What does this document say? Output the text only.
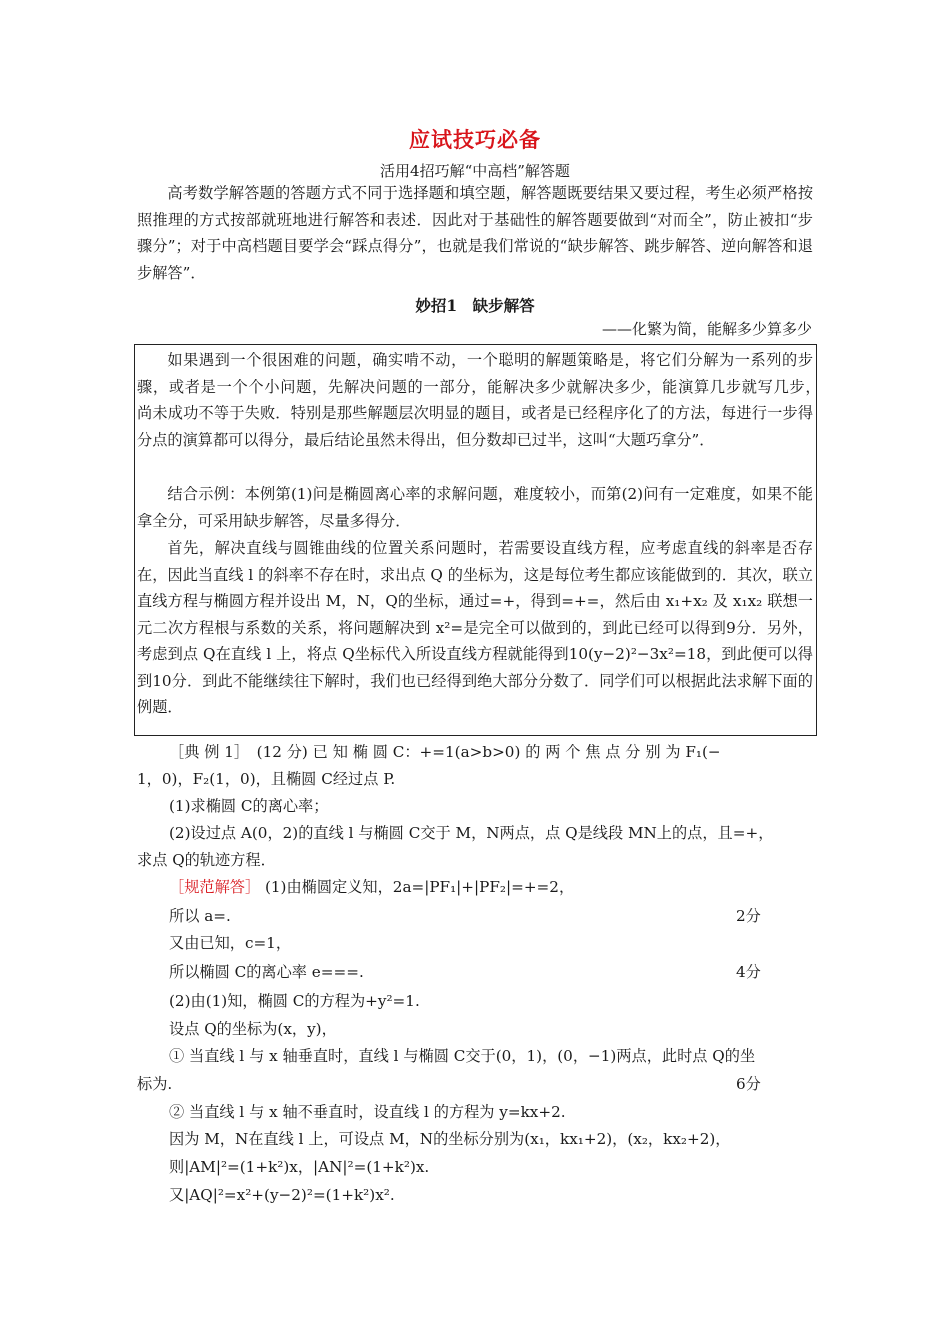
应试技巧必备
活用4招巧解“中高档”解答题

高考数学解答题的答题方式不同于选择题和填空题，解答题既要结果又要过程，考生必须严格按照推理的方式按部就班地进行解答和表述．因此对于基础性的解答题要做到“对而全”，防止被扣“步骤分”；对于中高档题目要学会“踩点得分”，也就是我们常说的“缺步解答、跳步解答、逆向解答和退步解答”．

妙招1　缺步解答
——化繁为简，能解多少算多少

如果遇到一个很困难的问题，确实啃不动，一个聪明的解题策略是，将它们分解为一系列的步骤，或者是一个个小问题，先解决问题的一部分，能解决多少就解决多少，能演算几步就写几步，　　尚未成功不等于失败．特别是那些解题层次明显的题目，或者是已经程序化了的方法，每进行一步得分点的演算都可以得分，最后结论虽然未得出，但分数却已过半，这叫“大题巧拿分”．

结合示例：本例第(1)问是椭圆离心率的求解问题，难度较小，而第(2)问有一定难度，如果不能拿全分，可采用缺步解答，尽量多得分．

首先，解决直线与圆锥曲线的位置关系问题时，若需要设直线方程，应考虑直线的斜率是否存在，因此当直线 l 的斜率不存在时，求出点 Q 的坐标为，这是每位考生都应该能做到的．其次，联立直线方程与椭圆方程并设出 M，N，Q的坐标，通过=+，得到=+=，然后由 x₁+x₂ 及 x₁x₂ 联想一元二次方程根与系数的关系，将问题解决到 x²=是完全可以做到的，到此已经可以得到9分．另外，考虑到点 Q在直线 l 上，将点 Q坐标代入所设直线方程就能得到10(y−2)²−3x²=18，到此便可以得到10分．到此不能继续往下解时，我们也已经得到绝大部分分数了．同学们可以根据此法求解下面的例题．

［典 例 1］　(12 分) 已 知 椭 圆 C：+=1(a>b>0) 的 两 个 焦 点 分 别 为 F₁(−
1，0)，F₂(1，0)，且椭圆 C经过点 P.
(1)求椭圆 C的离心率；
(2)设过点 A(0，2)的直线 l 与椭圆 C交于 M，N两点，点 Q是线段 MN上的点，且=+，
求点 Q的轨迹方程．
［规范解答］ (1)由椭圆定义知，2a=|PF₁|+|PF₂|=+=2，
所以 a=.	2分
又由已知，c=1，
所以椭圆 C的离心率 e===.	4分
(2)由(1)知，椭圆 C的方程为+y²=1.
设点 Q的坐标为(x，y)，
① 当直线 l 与 x 轴垂直时，直线 l 与椭圆 C交于(0，1)，(0，−1)两点，此时点 Q的坐
标为.	6分
② 当直线 l 与 x 轴不垂直时，设直线 l 的方程为 y=kx+2.
因为 M，N在直线 l 上，可设点 M，N的坐标分别为(x₁，kx₁+2)，(x₂，kx₂+2)，
则|AM|²=(1+k²)x，|AN|²=(1+k²)x.
又|AQ|²=x²+(y−2)²=(1+k²)x².
